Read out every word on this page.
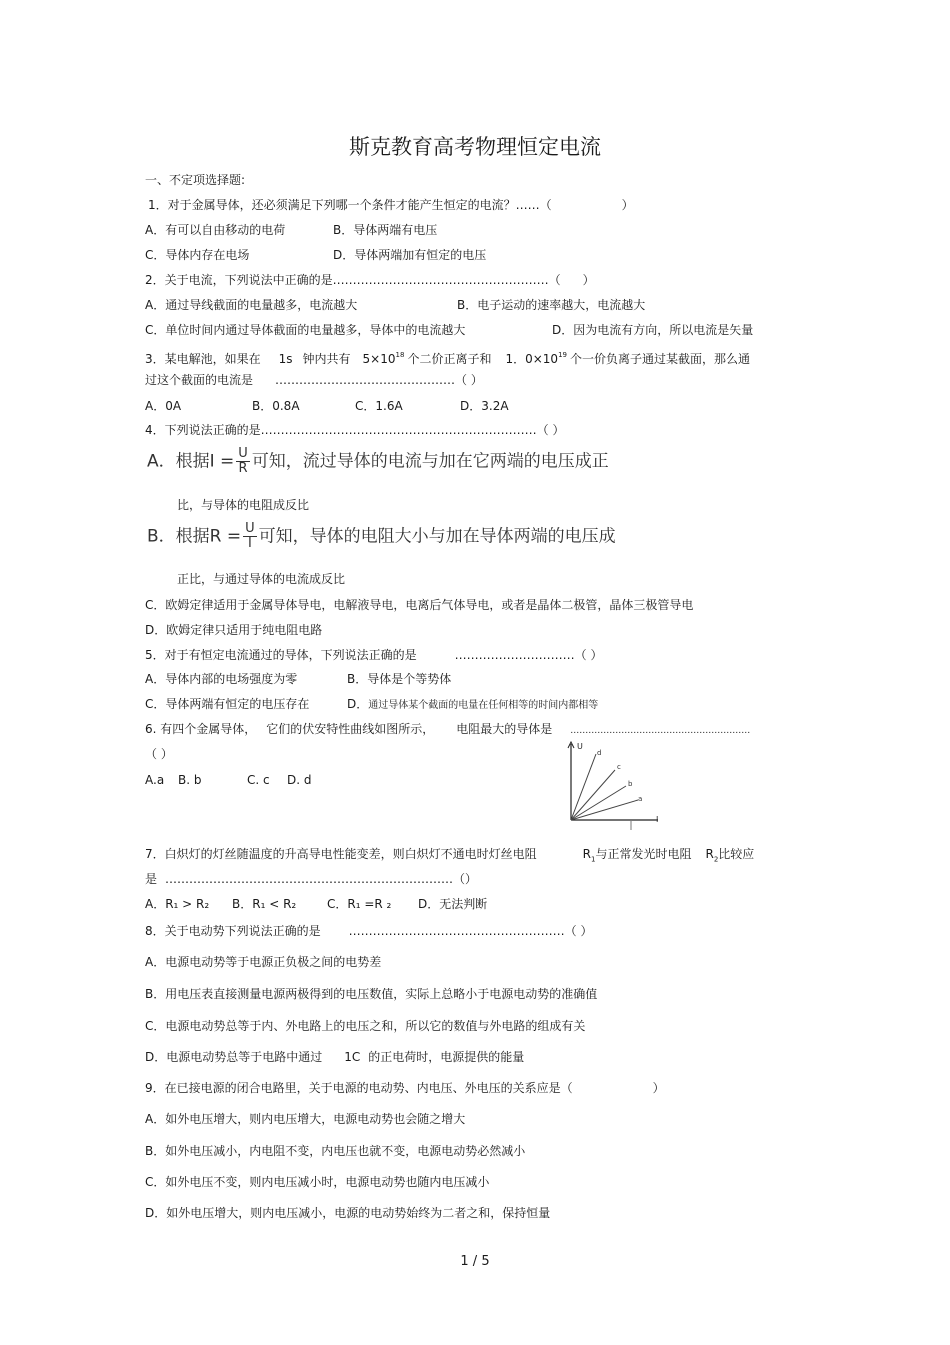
斯克教育高考物理恒定电流
一、不定项选择题:
1．对于金属导体，还必须满足下列哪一个条件才能产生恒定的电流？……（	）
A．有可以自由移动的电荷	B．导体两端有电压
C．导体内存在电场	D．导体两端加有恒定的电压
2．关于电流，下列说法中正确的是………………………………………………（ ）
A．通过导线截面的电量越多，电流越大	B．电子运动的速率越大，电流越大
C．单位时间内通过导体截面的电量越多，导体中的电流越大	D．因为电流有方向，所以电流是矢量
3．某电解池，如果在 1s 钟内共有 $5\times 10^{18}$ 个二价正离子和 1．$0\times 10^{19}$ 个一价负离子通过某截面，那么通
过这个截面的电流是 ………………………………………（ ）
A．0A	B．0.8A	C．1.6A	D．3.2A
4．下列说法正确的是……………………………………………………………（ ）
A．根据$I = \frac{U}{R}$ 可知，流过导体的电流与加在它两端的电压成正
比，与导体的电阻成反比
B．根据$R = \frac{U}{I}$ 可知，导体的电阻大小与加在导体两端的电压成
正比，与通过导体的电流成反比
C．欧姆定律适用于金属导体导电，电解液导电，电离后气体导电，或者是晶体二极管，晶体三极管导电
D．欧姆定律只适用于纯电阻电路
5．对于有恒定电流通过的导体，下列说法正确的是	…………………………（ ）
A．导体内部的电场强度为零	B．导体是个等势体
C．导体两端有恒定的电压存在	D．通过导体某个截面的电量在任何相等的时间内都相等
6. 有四个金属导体， 它们的伏安特性曲线如图所示， 电阻最大的导体是 ……………………………………………………
（ ）
A.a B. b	C. c D. d
U
I
d
c
b
a
7．白炽灯的灯丝随温度的升高导电性能变差，则白炽灯不通电时灯丝电阻	$R_1$与正常发光时电阻 $R_2$比较应
是 ………………………………………………………………（）
A．R₁ > R₂ B．R₁ < R₂	C．R₁ =R ₂ D．无法判断
8．关于电动势下列说法正确的是 ………………………………………………（ ）
A．电源电动势等于电源正负极之间的电势差
B．用电压表直接测量电源两极得到的电压数值，实际上总略小于电源电动势的准确值
C．电源电动势总等于内、外电路上的电压之和，所以它的数值与外电路的组成有关
D．电源电动势总等于电路中通过 1C 的正电荷时，电源提供的能量
9．在已接电源的闭合电路里，关于电源的电动势、内电压、外电压的关系应是（	）
A．如外电压增大，则内电压增大，电源电动势也会随之增大
B．如外电压减小，内电阻不变，内电压也就不变，电源电动势必然减小
C．如外电压不变，则内电压减小时，电源电动势也随内电压减小
D．如外电压增大，则内电压减小，电源的电动势始终为二者之和，保持恒量
1 / 5
